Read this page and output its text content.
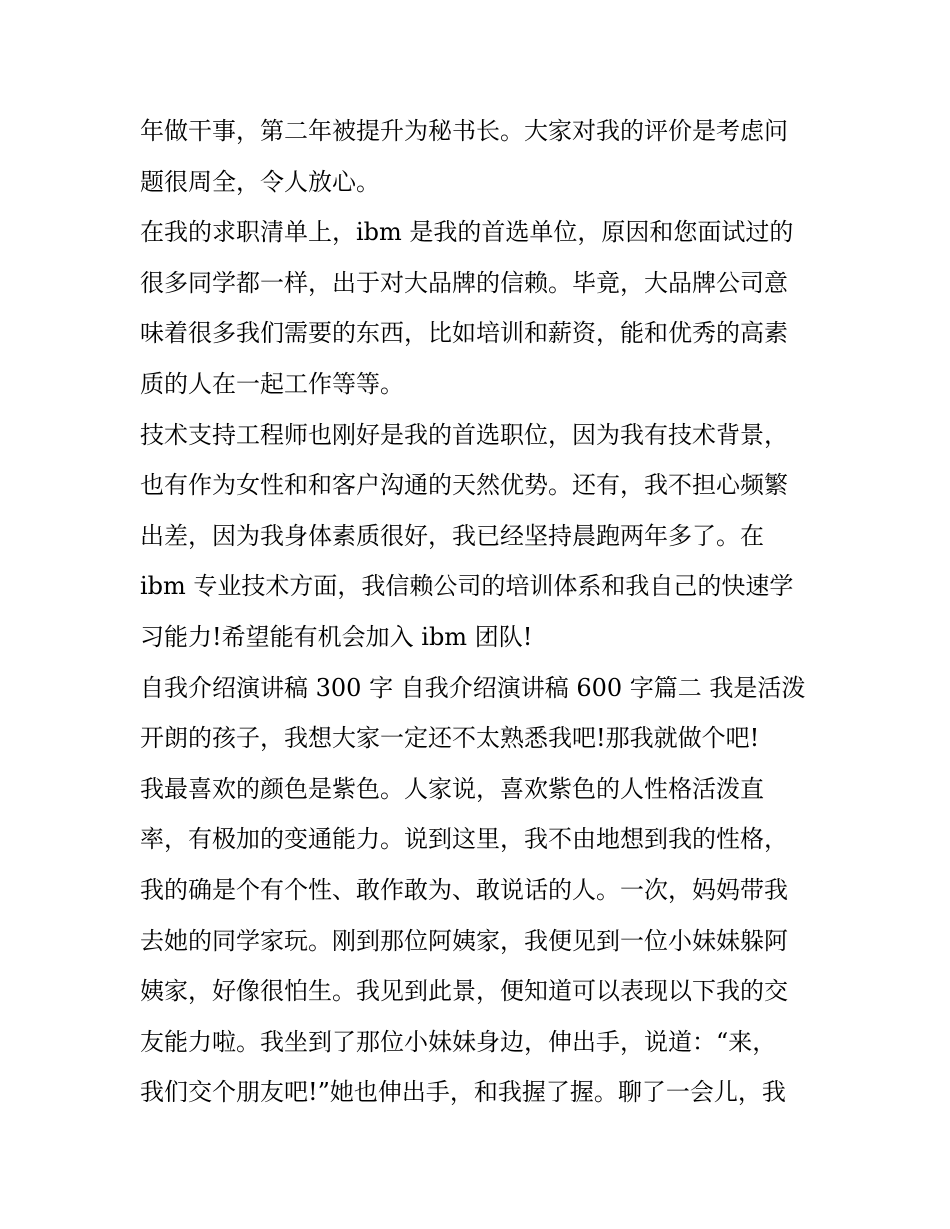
年做干事，第二年被提升为秘书长。大家对我的评价是考虑问
题很周全，令人放心。
在我的求职清单上，ibm 是我的首选单位，原因和您面试过的
很多同学都一样，出于对大品牌的信赖。毕竟，大品牌公司意
味着很多我们需要的东西，比如培训和薪资，能和优秀的高素
质的人在一起工作等等。
技术支持工程师也刚好是我的首选职位，因为我有技术背景，
也有作为女性和和客户沟通的天然优势。还有，我不担心频繁
出差，因为我身体素质很好，我已经坚持晨跑两年多了。在
ibm 专业技术方面，我信赖公司的培训体系和我自己的快速学
习能力!希望能有机会加入 ibm 团队!
自我介绍演讲稿 300 字 自我介绍演讲稿 600 字篇二 我是活泼
开朗的孩子，我想大家一定还不太熟悉我吧!那我就做个吧!
我最喜欢的颜色是紫色。人家说，喜欢紫色的人性格活泼直
率，有极加的变通能力。说到这里，我不由地想到我的性格，
我的确是个有个性、敢作敢为、敢说话的人。一次，妈妈带我
去她的同学家玩。刚到那位阿姨家，我便见到一位小妹妹躲阿
姨家，好像很怕生。我见到此景，便知道可以表现以下我的交
友能力啦。我坐到了那位小妹妹身边，伸出手，说道：“来，
我们交个朋友吧!”她也伸出手，和我握了握。聊了一会儿，我
